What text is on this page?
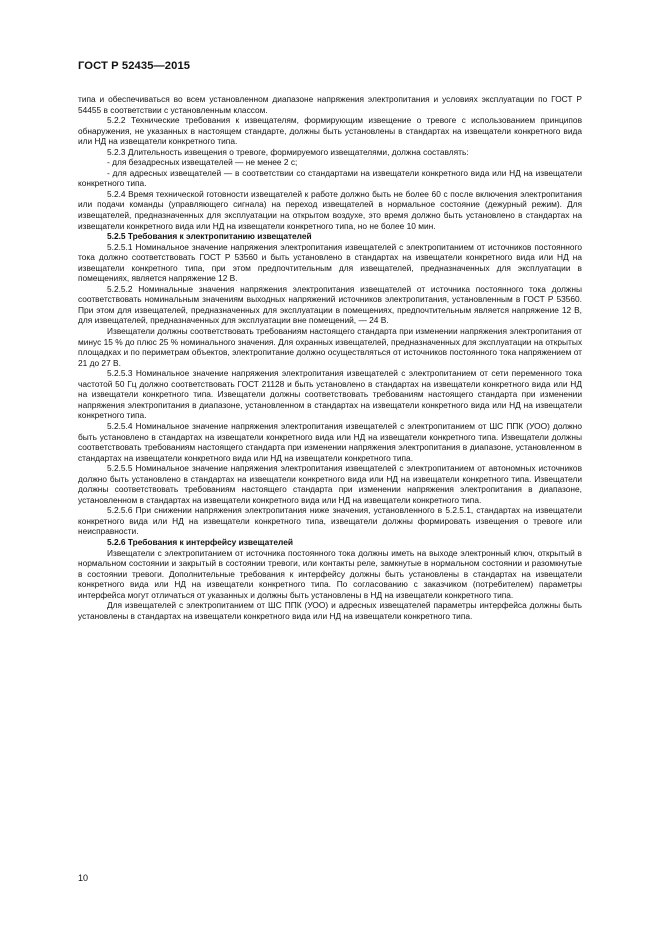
ГОСТ Р 52435—2015

типа и обеспечиваться во всем установленном диапазоне напряжения электропитания и условиях эксплуатации по ГОСТ Р 54455 в соответствии с установленным классом.

5.2.2 Технические требования к извещателям, формирующим извещение о тревоге с использованием принципов обнаружения, не указанных в настоящем стандарте, должны быть установлены в стандартах на извещатели конкретного вида или НД на извещатели конкретного типа.

5.2.3 Длительность извещения о тревоге, формируемого извещателями, должна составлять:

- для безадресных извещателей — не менее 2 с;

- для адресных извещателей — в соответствии со стандартами на извещатели конкретного вида или НД на извещатели конкретного типа.

5.2.4 Время технической готовности извещателей к работе должно быть не более 60 с после включения электропитания или подачи команды (управляющего сигнала) на переход извещателей в нормальное состояние (дежурный режим). Для извещателей, предназначенных для эксплуатации на открытом воздухе, это время должно быть установлено в стандартах на извещатели конкретного вида или НД на извещатели конкретного типа, но не более 10 мин.

5.2.5 Требования к электропитанию извещателей

5.2.5.1 Номинальное значение напряжения электропитания извещателей с электропитанием от источников постоянного тока должно соответствовать ГОСТ Р 53560 и быть установлено в стандартах на извещатели конкретного вида или НД на извещатели конкретного типа, при этом предпочтительным для извещателей, предназначенных для эксплуатации в помещениях, является напряжение 12 В.

5.2.5.2 Номинальные значения напряжения электропитания извещателей от источника постоянного тока должны соответствовать номинальным значениям выходных напряжений источников электропитания, установленным в ГОСТ Р 53560. При этом для извещателей, предназначенных для эксплуатации в помещениях, предпочтительным является напряжение 12 В, для извещателей, предназначенных для эксплуатации вне помещений, — 24 В.

Извещатели должны соответствовать требованиям настоящего стандарта при изменении напряжения электропитания от минус 15 % до плюс 25 % номинального значения. Для охранных извещателей, предназначенных для эксплуатации на открытых площадках и по периметрам объектов, электропитание должно осуществляться от источников постоянного тока напряжением от 21 до 27 В.

5.2.5.3 Номинальное значение напряжения электропитания извещателей с электропитанием от сети переменного тока частотой 50 Гц должно соответствовать ГОСТ 21128 и быть установлено в стандартах на извещатели конкретного вида или НД на извещатели конкретного типа. Извещатели должны соответствовать требованиям настоящего стандарта при изменении напряжения электропитания в диапазоне, установленном в стандартах на извещатели конкретного вида или НД на извещатели конкретного типа.

5.2.5.4 Номинальное значение напряжения электропитания извещателей с электропитанием от ШС ППК (УОО) должно быть установлено в стандартах на извещатели конкретного вида или НД на извещатели конкретного типа. Извещатели должны соответствовать требованиям настоящего стандарта при изменении напряжения электропитания в диапазоне, установленном в стандартах на извещатели конкретного вида или НД на извещатели конкретного типа.

5.2.5.5 Номинальное значение напряжения электропитания извещателей с электропитанием от автономных источников должно быть установлено в стандартах на извещатели конкретного вида или НД на извещатели конкретного типа. Извещатели должны соответствовать требованиям настоящего стандарта при изменении напряжения электропитания в диапазоне, установленном в стандартах на извещатели конкретного вида или НД на извещатели конкретного типа.

5.2.5.6 При снижении напряжения электропитания ниже значения, установленного в 5.2.5.1, стандартах на извещатели конкретного вида или НД на извещатели конкретного типа, извещатели должны формировать извещения о тревоге или неисправности.

5.2.6 Требования к интерфейсу извещателей

Извещатели с электропитанием от источника постоянного тока должны иметь на выходе электронный ключ, открытый в нормальном состоянии и закрытый в состоянии тревоги, или контакты реле, замкнутые в нормальном состоянии и разомкнутые в состоянии тревоги. Дополнительные требования к интерфейсу должны быть установлены в стандартах на извещатели конкретного вида или НД на извещатели конкретного типа. По согласованию с заказчиком (потребителем) параметры интерфейса могут отличаться от указанных и должны быть установлены в НД на извещатели конкретного типа.

Для извещателей с электропитанием от ШС ППК (УОО) и адресных извещателей параметры интерфейса должны быть установлены в стандартах на извещатели конкретного вида или НД на извещатели конкретного типа.

10
